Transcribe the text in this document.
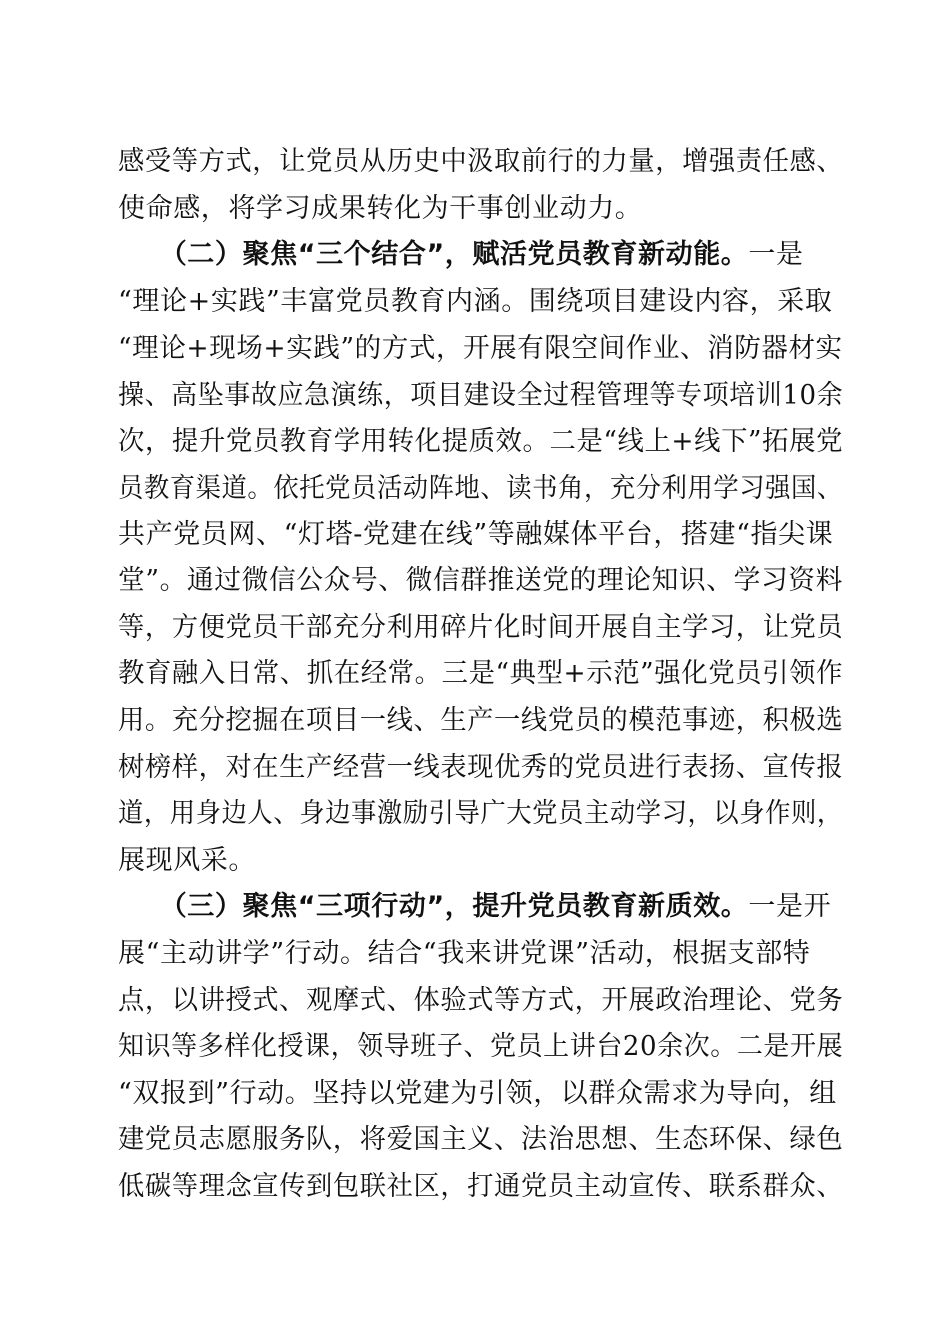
感受等方式，让党员从历史中汲取前行的力量，增强责任感、
使命感，将学习成果转化为干事创业动力。
　　（二）聚焦“三个结合”，赋活党员教育新动能。一是
“理论+实践”丰富党员教育内涵。围绕项目建设内容，采取
“理论+现场+实践”的方式，开展有限空间作业、消防器材实
操、高坠事故应急演练，项目建设全过程管理等专项培训10余
次，提升党员教育学用转化提质效。二是“线上+线下”拓展党
员教育渠道。依托党员活动阵地、读书角，充分利用学习强国、
共产党员网、“灯塔-党建在线”等融媒体平台，搭建“指尖课
堂”。通过微信公众号、微信群推送党的理论知识、学习资料
等，方便党员干部充分利用碎片化时间开展自主学习，让党员
教育融入日常、抓在经常。三是“典型+示范”强化党员引领作
用。充分挖掘在项目一线、生产一线党员的模范事迹，积极选
树榜样，对在生产经营一线表现优秀的党员进行表扬、宣传报
道，用身边人、身边事激励引导广大党员主动学习，以身作则，
展现风采。
　　（三）聚焦“三项行动”，提升党员教育新质效。一是开
展“主动讲学”行动。结合“我来讲党课”活动，根据支部特
点，以讲授式、观摩式、体验式等方式，开展政治理论、党务
知识等多样化授课，领导班子、党员上讲台20余次。二是开展
“双报到”行动。坚持以党建为引领，以群众需求为导向，组
建党员志愿服务队，将爱国主义、法治思想、生态环保、绿色
低碳等理念宣传到包联社区，打通党员主动宣传、联系群众、
